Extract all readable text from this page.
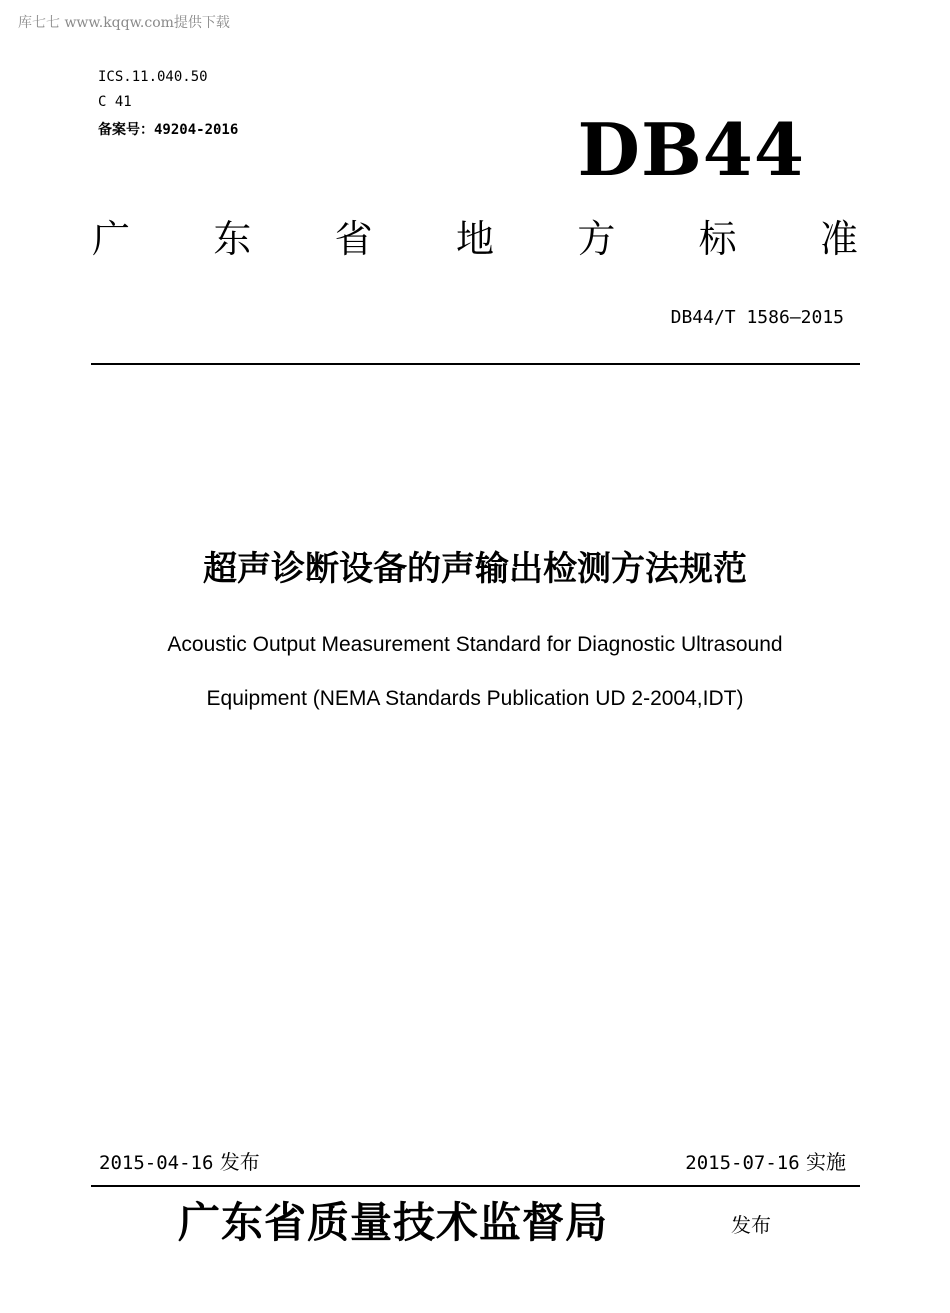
库七七 www.kqqw.com提供下载
ICS.11.040.50
C 41
备案号：49204-2016	DB44
广 东 省 地 方 标 准
DB44/T 1586—2015
超声诊断设备的声输出检测方法规范
Acoustic Output Measurement Standard for Diagnostic Ultrasound
Equipment (NEMA Standards Publication UD 2-2004,IDT)
2015-04-16 发布	2015-07-16 实施
广东省质量技术监督局	发布
